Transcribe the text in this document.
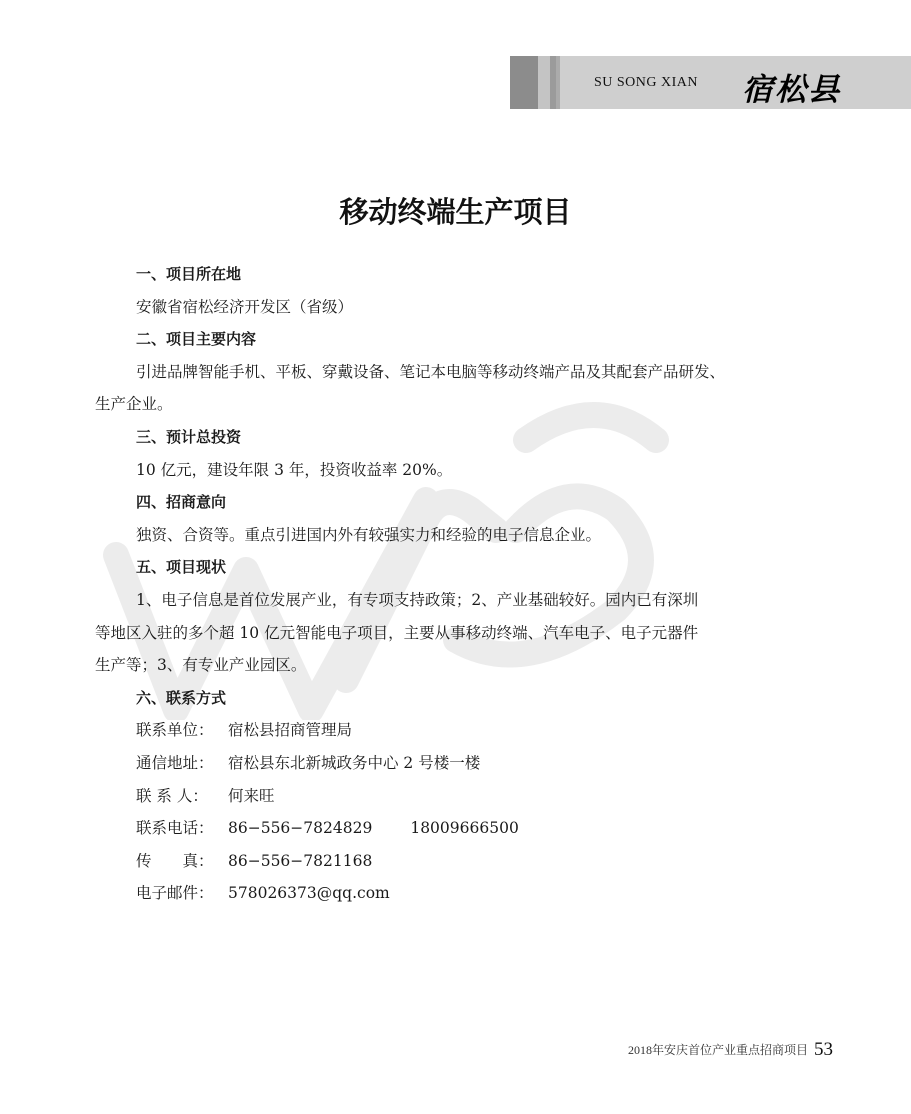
SU SONG XIAN 宿松县
移动终端生产项目
一、项目所在地
安徽省宿松经济开发区（省级）
二、项目主要内容
引进品牌智能手机、平板、穿戴设备、笔记本电脑等移动终端产品及其配套产品研发、
生产企业。
三、预计总投资
10 亿元，建设年限 3 年，投资收益率 20%。
四、招商意向
独资、合资等。重点引进国内外有较强实力和经验的电子信息企业。
五、项目现状
1、电子信息是首位发展产业，有专项支持政策；2、产业基础较好。园内已有深圳
等地区入驻的多个超 10 亿元智能电子项目，主要从事移动终端、汽车电子、电子元器件
生产等；3、有专业产业园区。
六、联系方式
联系单位： 宿松县招商管理局
通信地址： 宿松县东北新城政务中心 2 号楼一楼
联 系 人： 何来旺
联系电话： 86−556−7824829 18009666500
传　　真： 86−556−7821168
电子邮件： 578026373@qq.com
2018年安庆首位产业重点招商项目 53
